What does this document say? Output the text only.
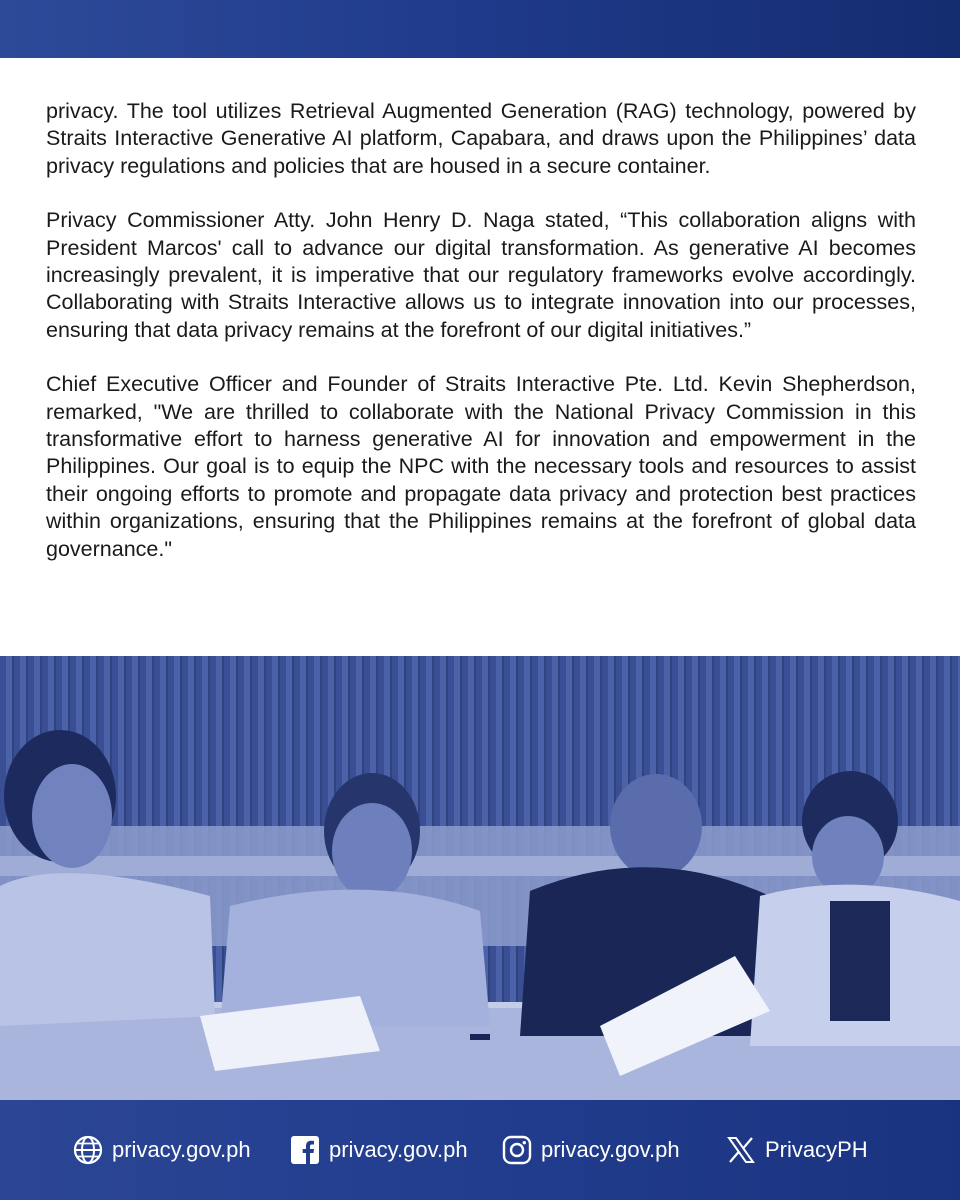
privacy. The tool utilizes Retrieval Augmented Generation (RAG) technology, powered by Straits Interactive Generative AI platform, Capabara, and draws upon the Philippines’ data privacy regulations and policies that are housed in a secure container.

Privacy Commissioner Atty. John Henry D. Naga stated, “This collaboration aligns with President Marcos' call to advance our digital transformation. As generative AI becomes increasingly prevalent, it is imperative that our regulatory frameworks evolve accordingly. Collaborating with Straits Interactive allows us to integrate innovation into our processes, ensuring that data privacy remains at the forefront of our digital initiatives.”

Chief Executive Officer and Founder of Straits Interactive Pte. Ltd. Kevin Shepherdson, remarked, "We are thrilled to collaborate with the National Privacy Commission in this transformative effort to harness generative AI for innovation and empowerment in the Philippines. Our goal is to equip the NPC with the necessary tools and resources to assist their ongoing efforts to promote and propagate data privacy and protection best practices within organizations, ensuring that the Philippines remains at the forefront of global data governance."

privacy.gov.ph	privacy.gov.ph	privacy.gov.ph	PrivacyPH
